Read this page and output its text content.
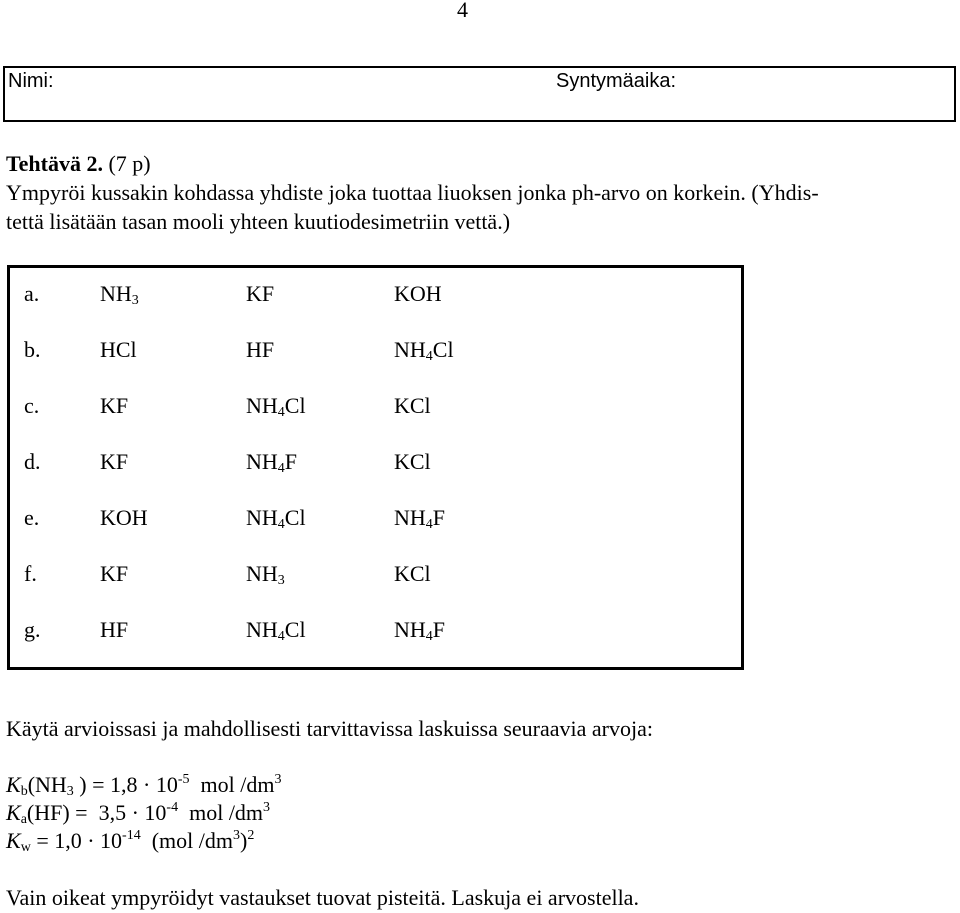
4
Nimi:	Syntymäaika:
Tehtävä 2. (7 p)
Ympyröi kussakin kohdassa yhdiste joka tuottaa liuoksen jonka ph-arvo on korkein. (Yhdis-
tettä lisätään tasan mooli yhteen kuutiodesimetriin vettä.)
a.	$NH_3$	KF	KOH
b.	HCl	HF	$NH_4Cl$
c.	KF	$NH_4Cl$	KCl
d.	KF	$NH_4F$	KCl
e.	KOH	$NH_4Cl$	$NH_4F$
f.	KF	$NH_3$	KCl
g.	HF	$NH_4Cl$	$NH_4F$
Käytä arvioissasi ja mahdollisesti tarvittavissa laskuissa seuraavia arvoja:
$K_b(NH_3$ ) = $1,8 \cdot 10^{-5}$  mol $/dm^3$
$K_a(HF) = 3,5 \cdot 10^{-4}$  mol $/dm^3$
$K_w = 1,0 \cdot 10^{-14}$  (mol $/dm^3)^2$
Vain oikeat ympyröidyt vastaukset tuovat pisteitä. Laskuja ei arvostella.
